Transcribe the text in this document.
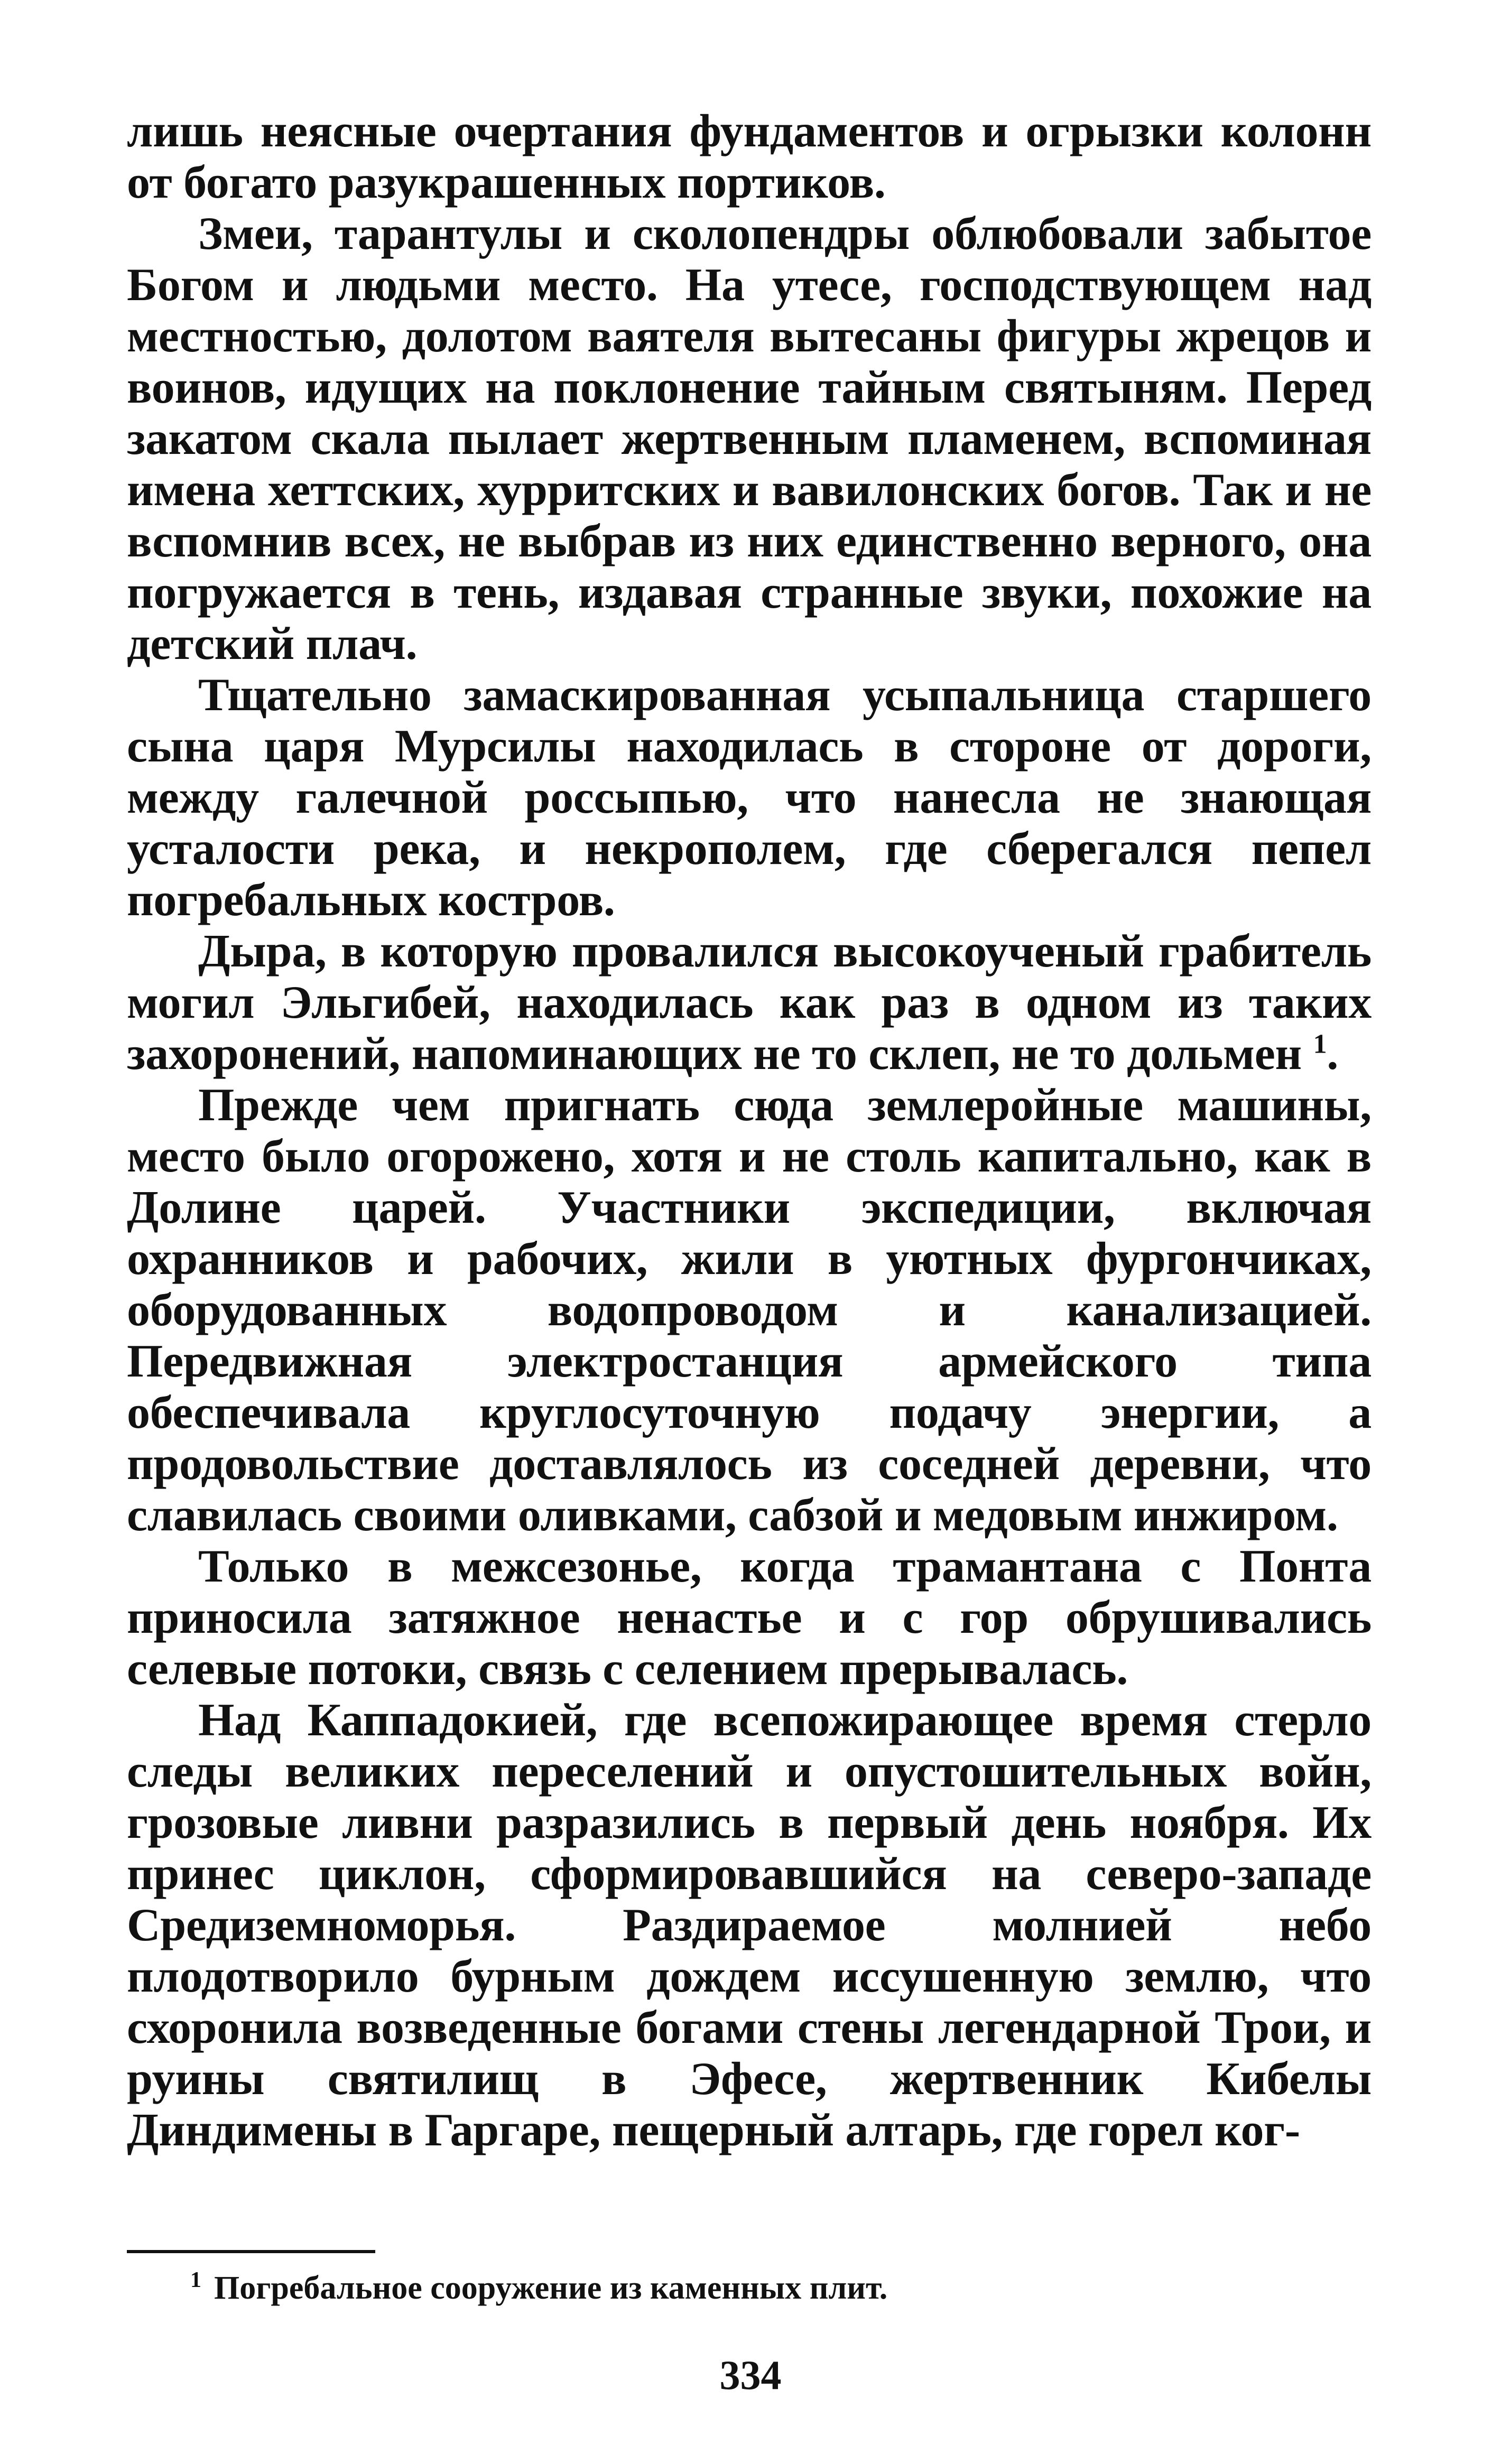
лишь неясные очертания фундаментов и огрызки колонн от богато разукрашенных портиков.

Змеи, тарантулы и сколопендры облюбовали забытое Богом и людьми место. На утесе, господствующем над местностью, долотом ваятеля вытесаны фигуры жрецов и воинов, идущих на поклонение тайным святыням. Перед закатом скала пылает жертвенным пламенем, вспоминая имена хеттских, хурритских и вавилонских богов. Так и не вспомнив всех, не выбрав из них единственно верного, она погружается в тень, издавая странные звуки, похожие на детский плач.

Тщательно замаскированная усыпальница старшего сына царя Мурсилы находилась в стороне от дороги, между галечной россыпью, что нанесла не знающая усталости река, и некрополем, где сберегался пепел погребальных костров.

Дыра, в которую провалился высокоученый грабитель могил Эльгибей, находилась как раз в одном из таких захоронений, напоминающих не то склеп, не то дольмен $^1$.

Прежде чем пригнать сюда землеройные машины, место было огорожено, хотя и не столь капитально, как в Долине царей. Участники экспедиции, включая охранников и рабочих, жили в уютных фургончиках, оборудованных водопроводом и канализацией. Передвижная электростанция армейского типа обеспечивала круглосуточную подачу энергии, а продовольствие доставлялось из соседней деревни, что славилась своими оливками, сабзой и медовым инжиром.

Только в межсезонье, когда трамантана с Понта приносила затяжное ненастье и с гор обрушивались селевые потоки, связь с селением прерывалась.

Над Каппадокией, где всепожирающее время стерло следы великих переселений и опустошительных войн, грозовые ливни разразились в первый день ноября. Их принес циклон, сформировавшийся на северо-западе Средиземноморья. Раздираемое молнией небо плодотворило бурным дождем иссушенную землю, что схоронила возведенные богами стены легендарной Трои, и руины святилищ в Эфесе, жертвенник Кибелы Диндимены в Гаргаре, пещерный алтарь, где горел ког-

$^1$ Погребальное сооружение из каменных плит.

334
